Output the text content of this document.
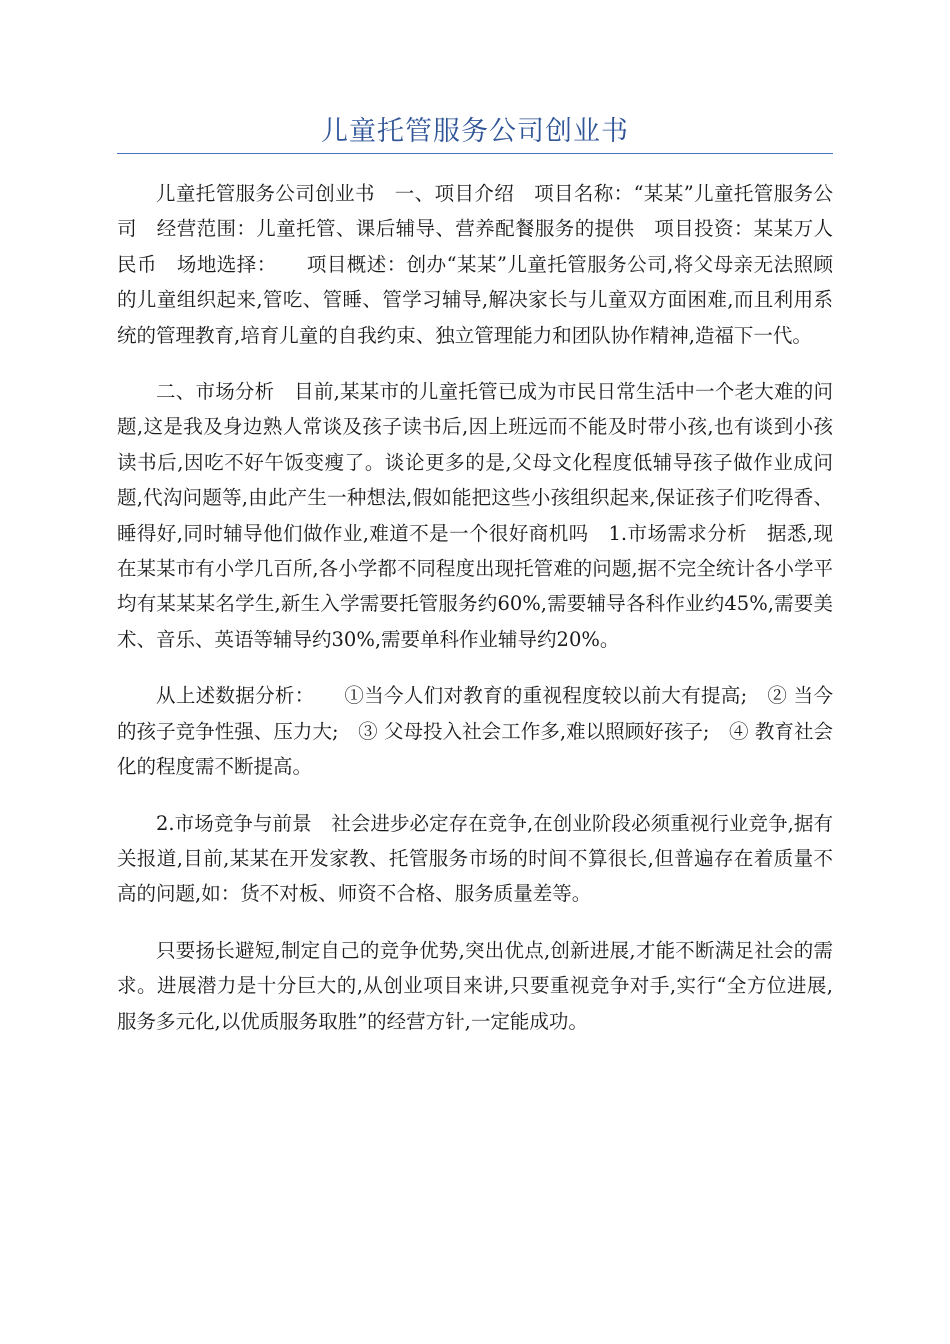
儿童托管服务公司创业书

儿童托管服务公司创业书　一、项目介绍　项目名称：“某某”儿童托管服务公司　经营范围：儿童托管、课后辅导、营养配餐服务的提供　项目投资：某某万人民币　场地选择：　　项目概述：创办“某某”儿童托管服务公司,将父母亲无法照顾的儿童组织起来,管吃、管睡、管学习辅导,解决家长与儿童双方面困难,而且利用系统的管理教育,培育儿童的自我约束、独立管理能力和团队协作精神,造福下一代。

二、市场分析　目前,某某市的儿童托管已成为市民日常生活中一个老大难的问题,这是我及身边熟人常谈及孩子读书后,因上班远而不能及时带小孩,也有谈到小孩读书后,因吃不好午饭变瘦了。谈论更多的是,父母文化程度低辅导孩子做作业成问题,代沟问题等,由此产生一种想法,假如能把这些小孩组织起来,保证孩子们吃得香、睡得好,同时辅导他们做作业,难道不是一个很好商机吗　1.市场需求分析　据悉,现在某某市有小学几百所,各小学都不同程度出现托管难的问题,据不完全统计各小学平均有某某某名学生,新生入学需要托管服务约60%,需要辅导各科作业约45%,需要美术、音乐、英语等辅导约30%,需要单科作业辅导约20%。

从上述数据分析：　　①当今人们对教育的重视程度较以前大有提高;　② 当今的孩子竞争性强、压力大;　③ 父母投入社会工作多,难以照顾好孩子;　④ 教育社会化的程度需不断提高。

2.市场竞争与前景　社会进步必定存在竞争,在创业阶段必须重视行业竞争,据有关报道,目前,某某在开发家教、托管服务市场的时间不算很长,但普遍存在着质量不高的问题,如：货不对板、师资不合格、服务质量差等。

只要扬长避短,制定自己的竞争优势,突出优点,创新进展,才能不断满足社会的需求。进展潜力是十分巨大的,从创业项目来讲,只要重视竞争对手,实行“全方位进展,服务多元化,以优质服务取胜”的经营方针,一定能成功。
